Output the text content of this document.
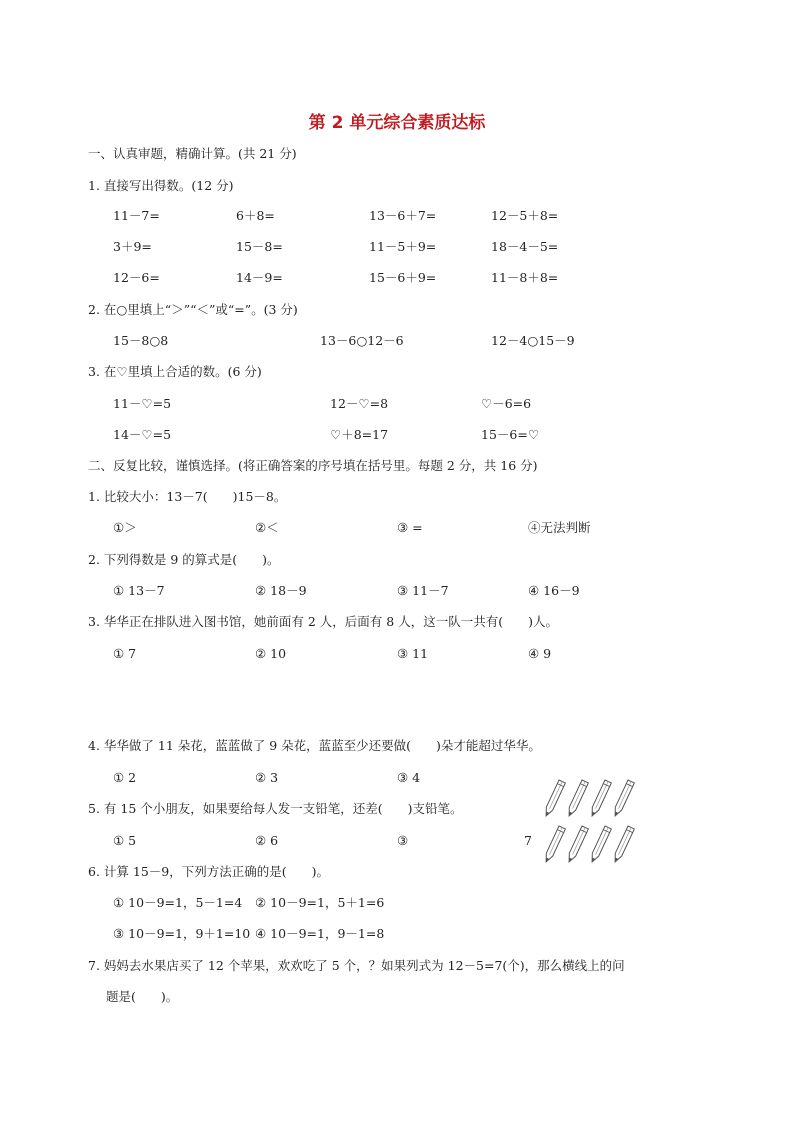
第 2 单元综合素质达标
一、认真审题，精确计算。(共 21 分)
1. 直接写出得数。(12 分)
11－7=	6＋8=	13－6＋7=	12－5＋8=
3＋9=	15－8=	11－5＋9=	18－4－5=
12－6=	14－9=	15－6＋9=	11－8＋8=
2. 在○里填上“＞”“＜”或“=”。(3 分)
15－8○8	13－6○12－6	12－4○15－9
3. 在♡里填上合适的数。(6 分)
11－♡=5	12－♡=8	♡－6=6
14－♡=5	♡＋8=17	15－6=♡
二、反复比较，谨慎选择。(将正确答案的序号填在括号里。每题 2 分，共 16 分)
1. 比较大小：13－7(　　)15－8。
①＞	②＜	③ =	④无法判断
2. 下列得数是 9 的算式是(　　)。
① 13－7	② 18－9	③ 11－7	④ 16－9
3. 华华正在排队进入图书馆，她前面有 2 人，后面有 8 人，这一队一共有(　　)人。
① 7	② 10	③ 11	④ 9
4. 华华做了 11 朵花，蓝蓝做了 9 朵花，蓝蓝至少还要做(　　)朵才能超过华华。
① 2	② 3	③ 4
5. 有 15 个小朋友，如果要给每人发一支铅笔，还差(　　)支铅笔。
① 5	② 6	③	7
6. 计算 15－9，下列方法正确的是(　　)。
① 10－9=1，5－1=4 ② 10－9=1，5＋1=6
③ 10－9=1，9＋1=10 ④ 10－9=1，9－1=8
7. 妈妈去水果店买了 12 个苹果，欢欢吃了 5 个，？如果列式为 12－5=7(个)，那么横线上的问
题是(　　)。
